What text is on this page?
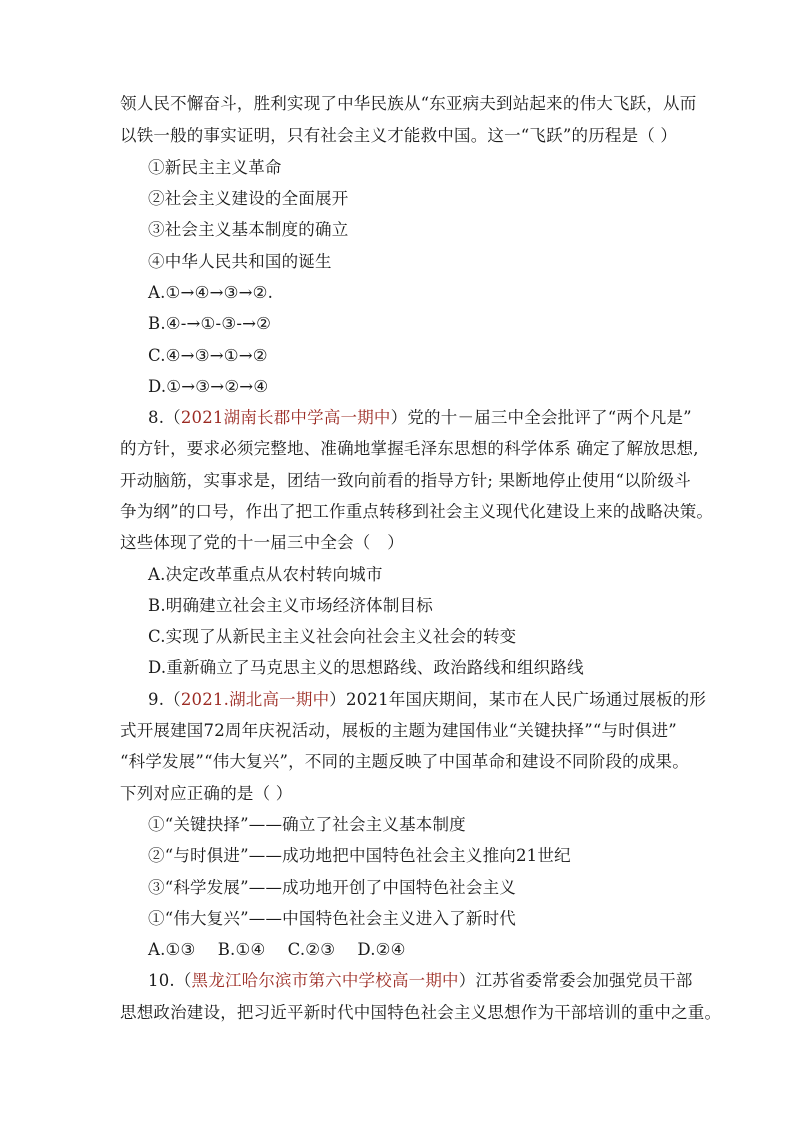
领人民不懈奋斗，胜利实现了中华民族从“东亚病夫到站起来的伟大飞跃，从而
以铁一般的事实证明，只有社会主义才能救中国。这一“飞跃”的历程是（ ）
①新民主主义革命
②社会主义建设的全面展开
③社会主义基本制度的确立
④中华人民共和国的诞生
A.①→④→③→②.
B.④-→①-③-→②
C.④→③→①→②
D.①→③→②→④
8.（2021湖南长郡中学高一期中）党的十－届三中全会批评了“两个凡是”
的方针，要求必须完整地、准确地掌握毛泽东思想的科学体系 确定了解放思想,
开动脑筋，实事求是，团结一致向前看的指导方针; 果断地停止使用“以阶级斗
争为纲”的口号，作出了把工作重点转移到社会主义现代化建设上来的战略决策。
这些体现了党的十一届三中全会（　）
A.决定改革重点从农村转向城市
B.明确建立社会主义市场经济体制目标
C.实现了从新民主主义社会向社会主义社会的转变
D.重新确立了马克思主义的思想路线、政治路线和组织路线
9.（2021.湖北高一期中）2021年国庆期间，某市在人民广场通过展板的形
式开展建国72周年庆祝活动，展板的主题为建国伟业“关键抉择”“与时俱进”
“科学发展”“伟大复兴”，不同的主题反映了中国革命和建设不同阶段的成果。
下列对应正确的是（ ）
①“关键抉择”——确立了社会主义基本制度
②“与时俱进”——成功地把中国特色社会主义推向21世纪
③“科学发展”——成功地开创了中国特色社会主义
①“伟大复兴”——中国特色社会主义进入了新时代
A.①③　 B.①④　 C.②③　 D.②④
10.（黑龙江哈尔滨市第六中学校高一期中）江苏省委常委会加强党员干部
思想政治建设，把习近平新时代中国特色社会主义思想作为干部培训的重中之重。
